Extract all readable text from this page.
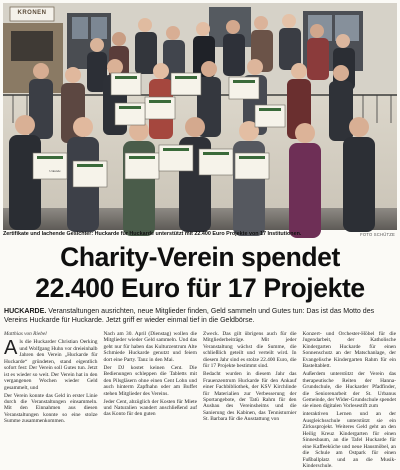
KRONEN
Urkunde
Zertifikate und lachende Gesichter: Huckarde für Huckarde unterstützt mit 22.400 Euro Projekte von 17 Institutionen.	FOTO SCHÜTZE
Charity-Verein spendet
22.400 Euro für 17 Projekte
HUCKARDE. Veranstaltungen ausrichten, neue Mitglieder finden, Geld sammeln und Gutes tun: Das ist das Motto des Vereins Huckarde für Huckarde. Jetzt griff er wieder einmal tief in die Geldbörse.
Matthias von Riebel

Als die Huckarder Christian Oerking und Wolfgang Huhn vor dreieinhalb Jahren den Verein „Huckarde für Huckarde“ gründeten, stand eigentlich sofort fest: Der Verein soll Gutes tun. Jetzt ist es wieder so weit. Der Verein hat in den vergangenen Wochen wieder Geld gesammelt, und

Der Verein konnte das Geld in erster Linie durch die Veranstaltungen einsammeln. Mit den Einnahmen aus diesen Veranstaltungen konnte so eine stolze Summe zusammenkommen.

Nach am 30. April (Dienstag) wollen die Mitglieder wieder Geld sammeln. Und das geht nur für haben das Kulturzentrum Alte Schmiede Huckarde genutzt und feiern dort eine Party. Tanz in den Mai.

Der DJ kostet keinen Cent. Die Bedienungen schleppen die Tabletts mit den Pilsgläsern ohne einen Cent Lohn und auch hinterm Zapfhahn oder am Buffet stehen Mitglieder des Vereins.

Jeder Cent, abzüglich der Kosten für Miete und Naturalien wandert anschließend auf das Konto für den guten

Zweck. Das gilt übrigens auch für die Mitgliederbeiträge. Mit jeder Veranstaltung wächst die Summe, die schließlich geteilt und verteilt wird. In diesem Jahr sind es stolze 22.400 Euro, die für 17 Projekte bestimmt sind.

Bedacht wurden in diesem Jahr das Frauenzentrum Huckarde für den Ankauf einer Fachbibliothek, der KSV Kirchlinde für Materialien zur Verbesserung der Sportangebote, der Tatü Rahm für den Ausbau des Vereinsheims und die Sanierung des Kabinen, das Tennisturnier St. Barbara für die Ausstattung von

Konzert- und Orchester-Höbel für die Jugendarbeit, der Katholische Kindergarten Huckarde für einen Sonnenschutz an der Matschanlage, der Evangelische Kindergarten Rahm für ein Basteltablett.

Außerdem unterstützt der Verein das therapeutische Reiten der Hanna-Grundschule, die Huckarder Pfadfinder, die Seniorenarbeit der St. Urbanus Gemeinde, der Wider-Grundschule spendet sie einen digitalen Vorlesestift zum

interaktiven Lernen und an der Ausgleichsschule unterstützt sie ein Zirkusprojekt. Weiteres Geld geht an den Heilig Kreuz Kindergarten für einen Sinnesbaum, an die Tafel Huckarde für eine Kaffeeküche und neue Hausmöbel, an die Schule am Ostpark für einen Fußballplatz und an die Musik-Kinderschule.
